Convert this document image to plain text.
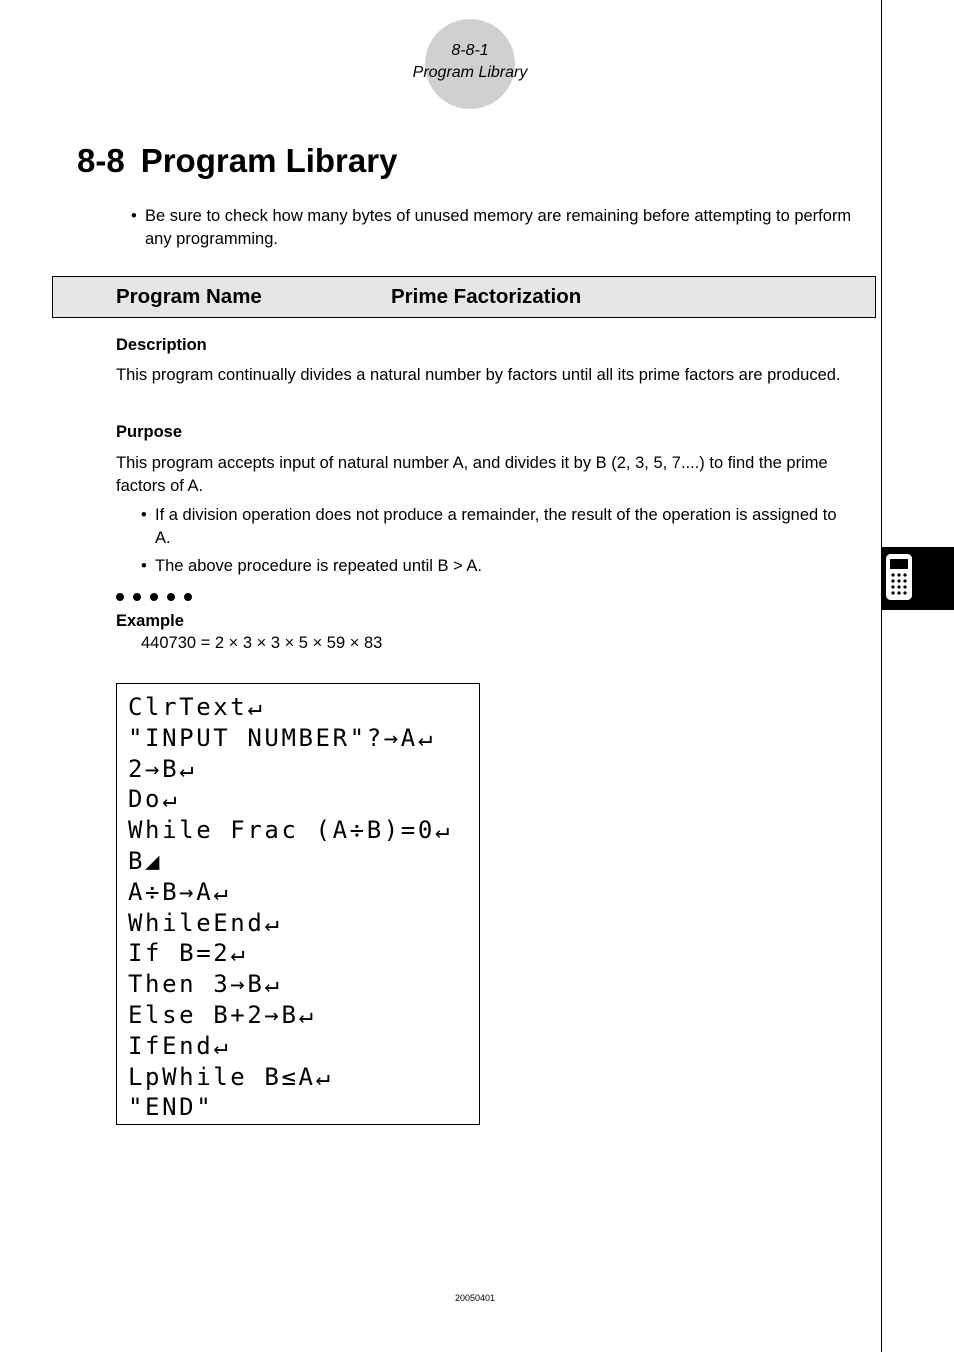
8-8-1
Program Library
8-8 Program Library
• Be sure to check how many bytes of unused memory are remaining before attempting to perform any programming.
Program Name	Prime Factorization
Description
This program continually divides a natural number by factors until all its prime factors are produced.
Purpose
This program accepts input of natural number A, and divides it by B (2, 3, 5, 7....) to find the prime factors of A.
• If a division operation does not produce a remainder, the result of the operation is assigned to A.
• The above procedure is repeated until B > A.
Example
440730 = 2 × 3 × 3 × 5 × 59 × 83
ClrText↵
"INPUT NUMBER"?→A↵
2→B↵
Do↵
While Frac (A÷B)=0↵
B◢
A÷B→A↵
WhileEnd↵
If B=2↵
Then 3→B↵
Else B+2→B↵
IfEnd↵
LpWhile B≤A↵
"END"
20050401
